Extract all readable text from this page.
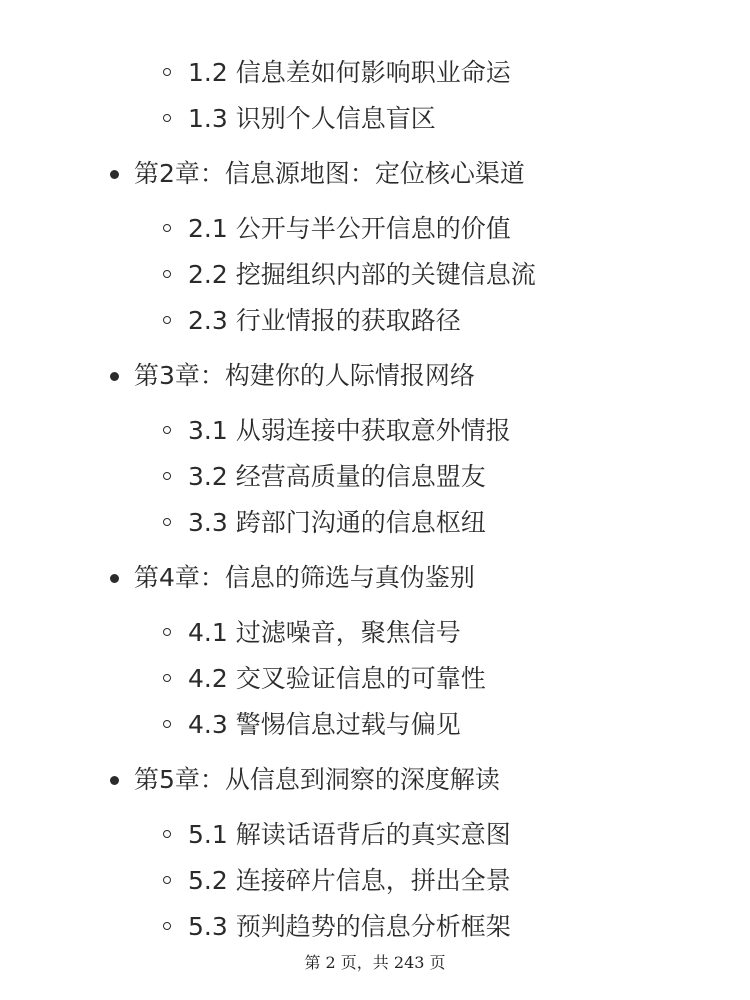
1.2 信息差如何影响职业命运
1.3 识别个人信息盲区
第2章：信息源地图：定位核心渠道
2.1 公开与半公开信息的价值
2.2 挖掘组织内部的关键信息流
2.3 行业情报的获取路径
第3章：构建你的人际情报网络
3.1 从弱连接中获取意外情报
3.2 经营高质量的信息盟友
3.3 跨部门沟通的信息枢纽
第4章：信息的筛选与真伪鉴别
4.1 过滤噪音，聚焦信号
4.2 交叉验证信息的可靠性
4.3 警惕信息过载与偏见
第5章：从信息到洞察的深度解读
5.1 解读话语背后的真实意图
5.2 连接碎片信息，拼出全景
5.3 预判趋势的信息分析框架
第 2 页，共 243 页
